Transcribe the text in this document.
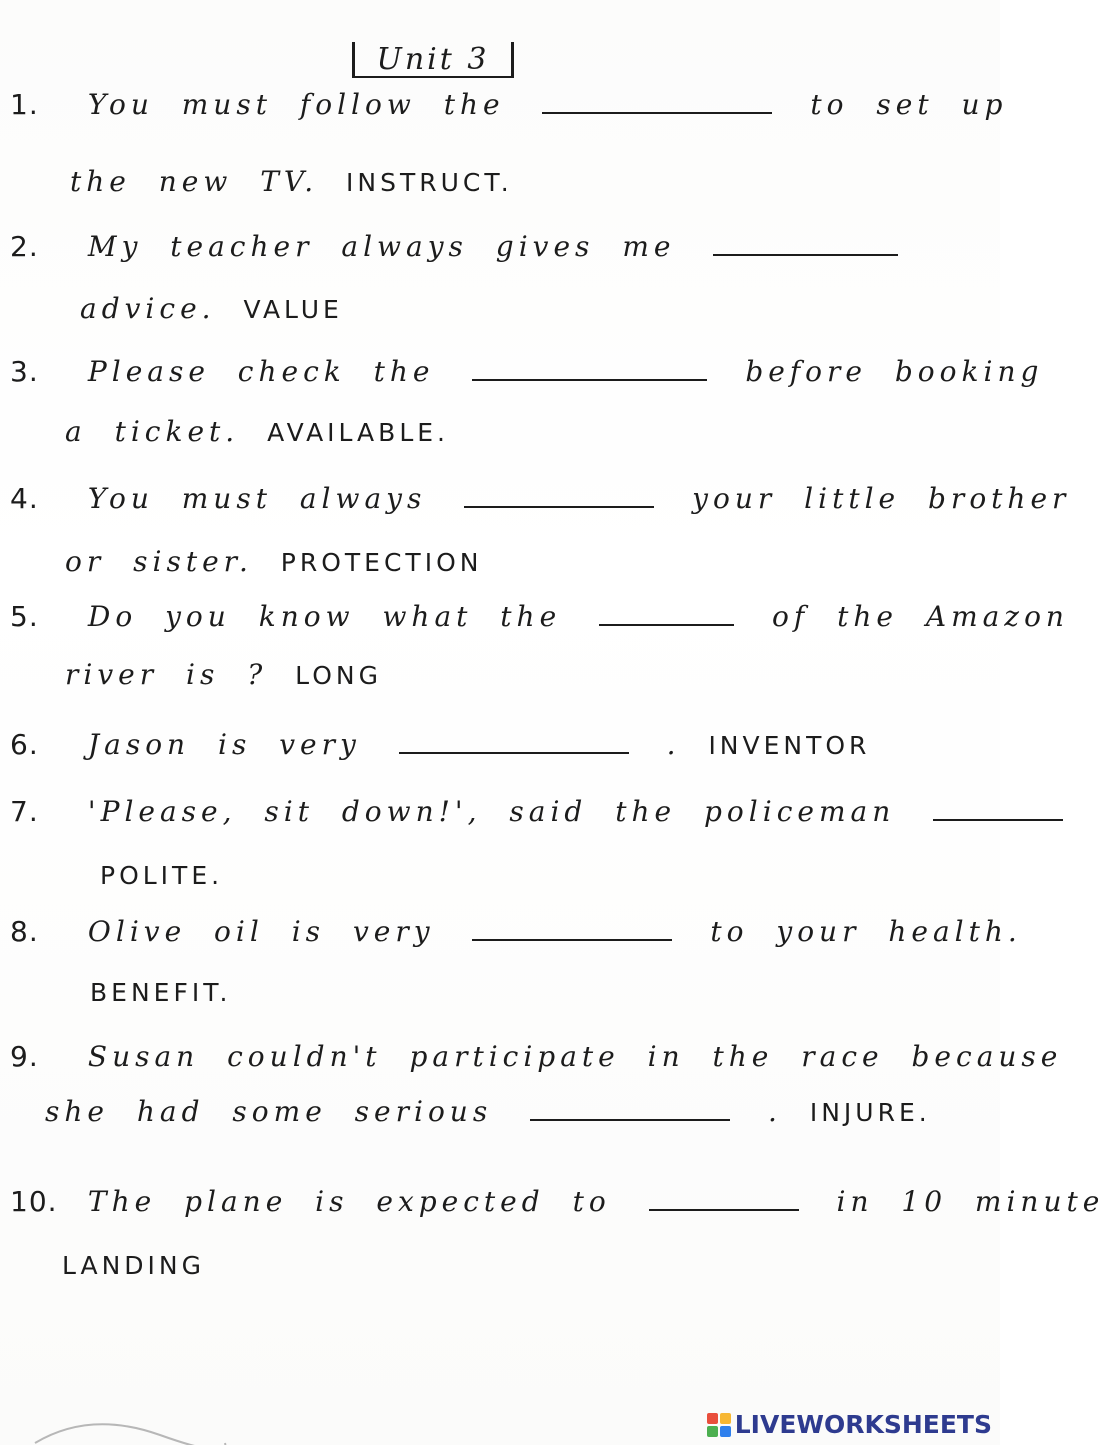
Unit 3
1. You must follow the	to set up
the new TV. INSTRUCT.
2. My teacher always gives me
advice. VALUE
3. Please check the	before booking
a ticket. AVAILABLE.
4. You must always	your little brother
or sister. PROTECTION
5. Do you know what the	of the Amazon
river is ? LONG
6. Jason is very	. INVENTOR
7. 'Please, sit down!', said the policeman
POLITE.
8. Olive oil is very	to your health.
BENEFIT.
9. Susan couldn't participate in the race because
she had some serious	. INJURE.
10. The plane is expected to	in 10 minute
LANDING
LIVEWORKSHEETS
